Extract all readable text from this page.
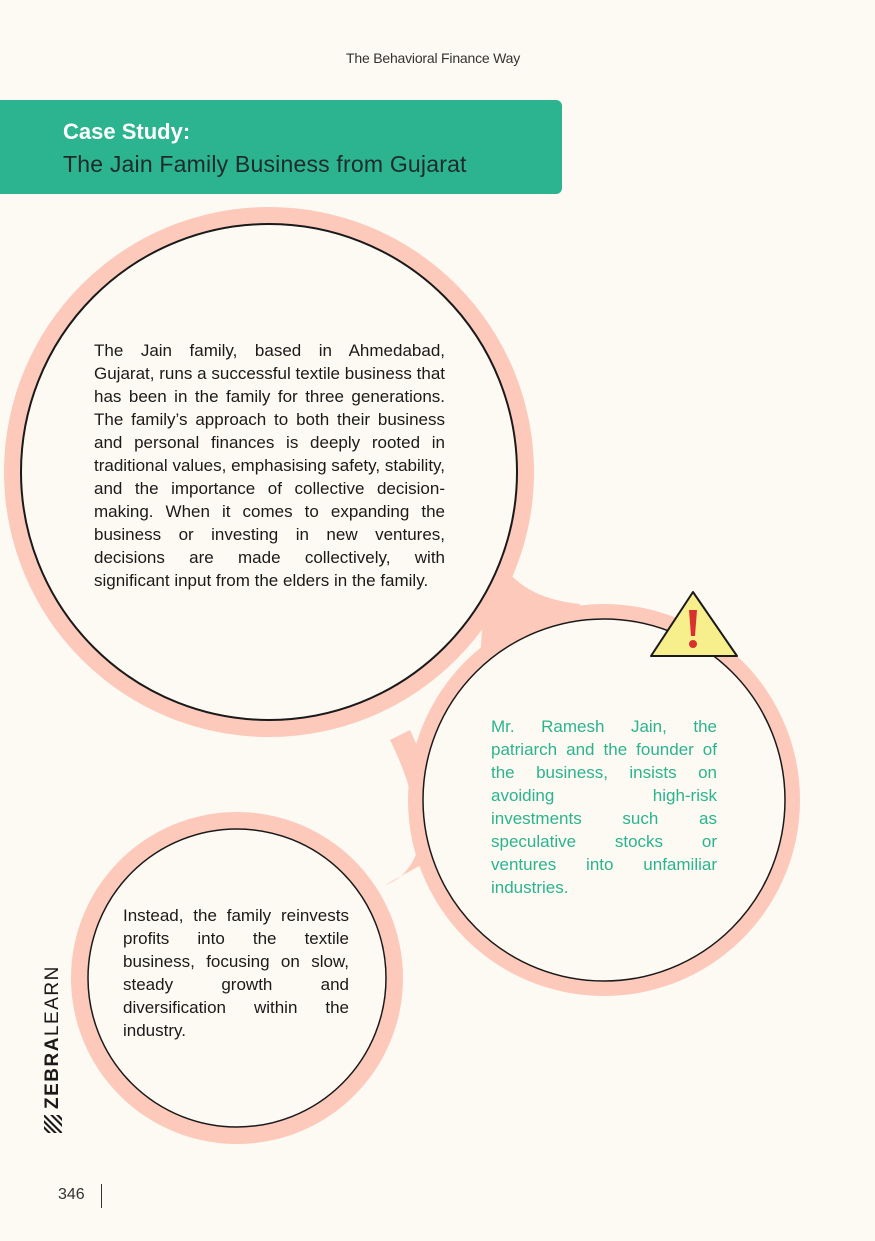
The Behavioral Finance Way
Case Study:
The Jain Family Business from Gujarat

The Jain family, based in Ahmedabad, Gujarat, runs a successful textile business that has been in the family for three generations. The family’s approach to both their business and personal finances is deeply rooted in traditional values, emphasising safety, stability, and the importance of collective decision-making. When it comes to expanding the business or investing in new ventures, decisions are made collectively, with significant input from the elders in the family.

Mr. Ramesh Jain, the patriarch and the founder of the business, insists on avoiding high-risk investments such as speculative stocks or ventures into unfamiliar industries.

Instead, the family reinvests profits into the textile business, focusing on slow, steady growth and diversification within the industry.

ZEBRA
LEARN
346
